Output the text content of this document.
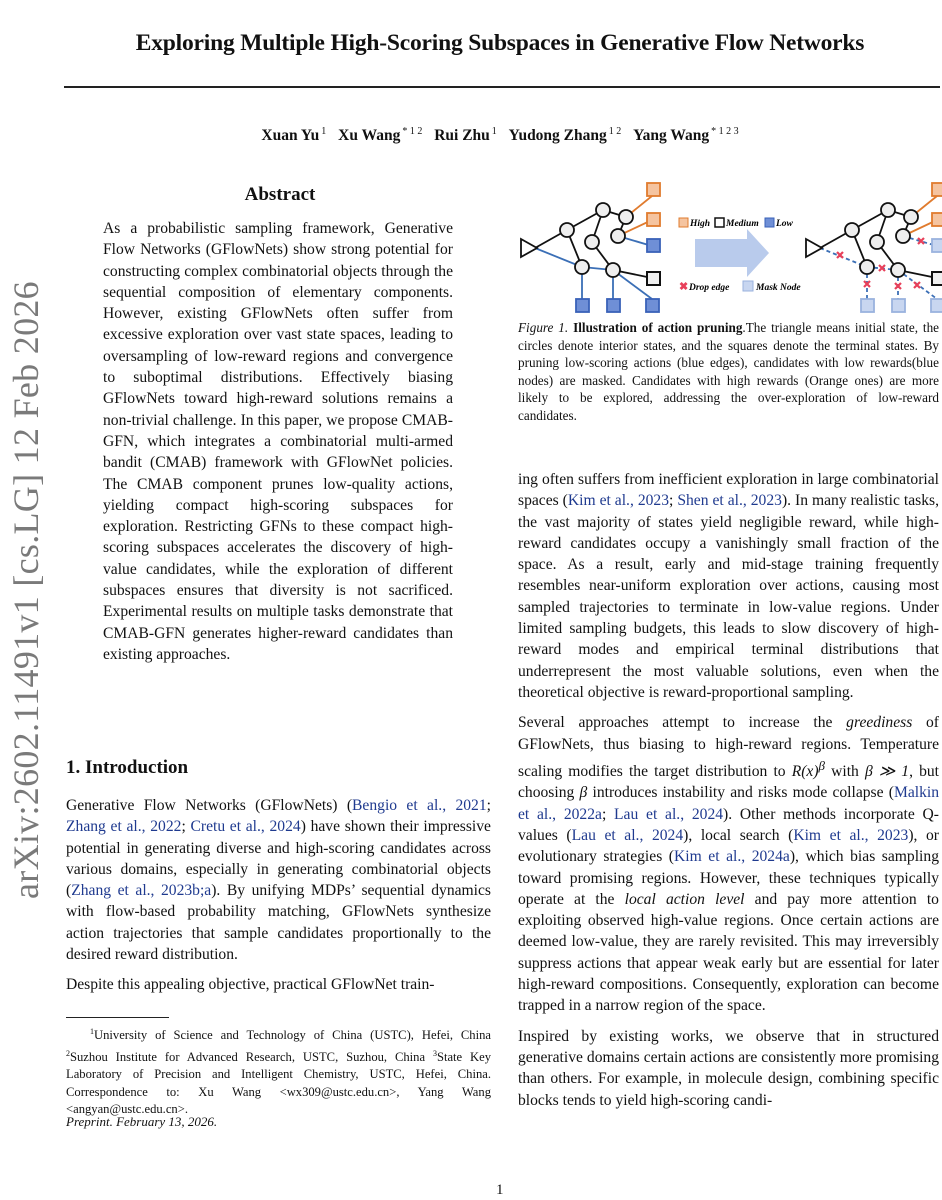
arXiv:2602.11491v1 [cs.LG] 12 Feb 2026
Exploring Multiple High-Scoring Subspaces in Generative Flow Networks
Xuan Yu $^1$ Xu Wang $^{* 1 2}$ Rui Zhu $^1$ Yudong Zhang $^{1 2}$ Yang Wang $^{* 1 2 3}$
Abstract

As a probabilistic sampling framework, Generative Flow Networks (GFlowNets) show strong potential for constructing complex combinatorial objects through the sequential composition of elementary components. However, existing GFlowNets often suffer from excessive exploration over vast state spaces, leading to oversampling of low-reward regions and convergence to suboptimal distributions. Effectively biasing GFlowNets toward high-reward solutions remains a non-trivial challenge. In this paper, we propose CMAB-GFN, which integrates a combinatorial multi-armed bandit (CMAB) framework with GFlowNet policies. The CMAB component prunes low-quality actions, yielding compact high-scoring subspaces for exploration. Restricting GFNs to these compact high-scoring subspaces accelerates the discovery of high-value candidates, while the exploration of different subspaces ensures that diversity is not sacrificed. Experimental results on multiple tasks demonstrate that CMAB-GFN generates higher-reward candidates than existing approaches.

1. Introduction

Generative Flow Networks (GFlowNets) (Bengio et al., 2021; Zhang et al., 2022; Cretu et al., 2024) have shown their impressive potential in generating diverse and high-scoring candidates across various domains, especially in generating combinatorial objects (Zhang et al., 2023b;a). By unifying MDPs’ sequential dynamics with flow-based probability matching, GFlowNets synthesize action trajectories that sample candidates proportionally to the desired reward distribution.

Despite this appealing objective, practical GFlowNet train-

$^1$University of Science and Technology of China (USTC), Hefei, China $^2$Suzhou Institute for Advanced Research, USTC, Suzhou, China $^3$State Key Laboratory of Precision and Intelligent Chemistry, USTC, Hefei, China. Correspondence to: Xu Wang <wx309@ustc.edu.cn>, Yang Wang <angyan@ustc.edu.cn>.
Preprint. February 13, 2026.
High Medium Low
✖ Drop edge	Mask Node
Figure 1. Illustration of action pruning.The triangle means initial state, the circles denote interior states, and the squares denote the terminal states. By pruning low-scoring actions (blue edges), candidates with low rewards(blue nodes) are masked. Candidates with high rewards (Orange ones) are more likely to be explored, addressing the over-exploration of low-reward candidates.

ing often suffers from inefficient exploration in large combinatorial spaces (Kim et al., 2023; Shen et al., 2023). In many realistic tasks, the vast majority of states yield negligible reward, while high-reward candidates occupy a vanishingly small fraction of the space. As a result, early and mid-stage training frequently resembles near-uniform exploration over actions, causing most sampled trajectories to terminate in low-value regions. Under limited sampling budgets, this leads to slow discovery of high-reward modes and empirical terminal distributions that underrepresent the most valuable solutions, even when the theoretical objective is reward-proportional sampling.

Several approaches attempt to increase the greediness of GFlowNets, thus biasing to high-reward regions. Temperature scaling modifies the target distribution to $R(x)^\beta$ with β ≫ 1, but choosing β introduces instability and risks mode collapse (Malkin et al., 2022a; Lau et al., 2024). Other methods incorporate Q-values (Lau et al., 2024), local search (Kim et al., 2023), or evolutionary strategies (Kim et al., 2024a), which bias sampling toward promising regions. However, these techniques typically operate at the local action level and pay more attention to exploiting observed high-value regions. Once certain actions are deemed low-value, they are rarely revisited. This may irreversibly suppress actions that appear weak early but are essential for later high-reward compositions. Consequently, exploration can become trapped in a narrow region of the space.

Inspired by existing works, we observe that in structured generative domains certain actions are consistently more promising than others. For example, in molecule design, combining specific blocks tends to yield high-scoring candi-

1
